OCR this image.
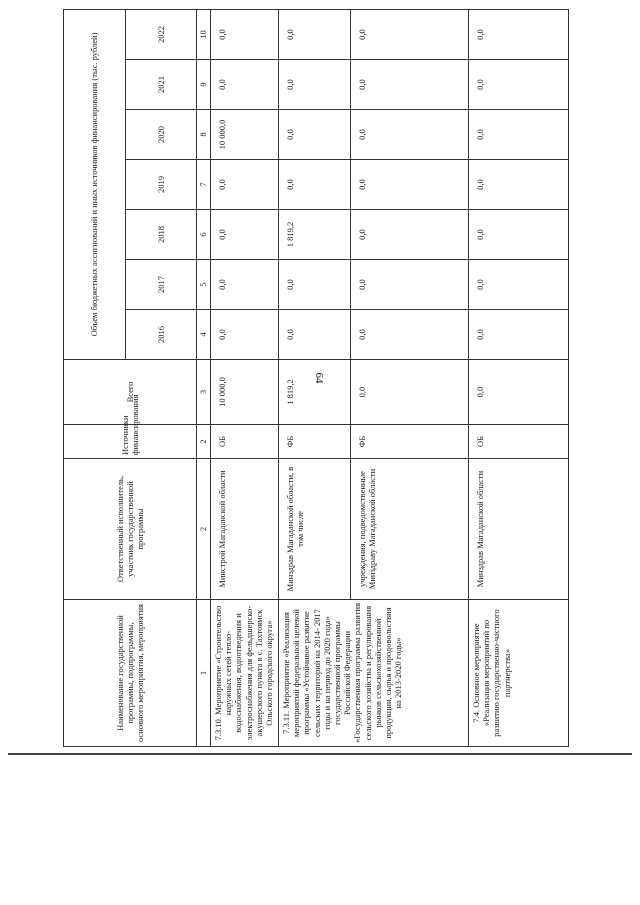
64
Наименование государственной программы, подпрограммы, основного мероприятия, мероприятия	Ответственный исполнитель, участник государственной программы	Источники финансирования	Всего	Объем бюджетных ассигнований и иных источников финансирования (тыс. рублей)						
				2016	2017	2018	2019	2020	2021	2022
1	2	2	3	4	5	6	7	8	9	10
7.3.10. Мероприятие «Строительство наружных сетей тепло-водоснабжения, водоотведения и электроснабжения для фельдшерско-акушерского пункта в с. Тахтоямск Ольского городского округа»	Минстрой Магаданской области	ОБ	10 000,0	0,0	0,0	0,0	0,0	10 000,0	0,0	0,0
7.3.11. Мероприятие «Реализация мероприятий федеральной целевой программы «Устойчивое развитие сельских территорий на 2014- 2017 годы и на период до 2020 года» государственной программы Российской Федерации «Государственная программа развития сельского хозяйства и регулирования рынков сельскохозяйственной продукции, сырья и продовольствия на 2013-2020 годы»	Минздрав Магаданской области, в том числе	ФБ	1 819,2	0,0	0,0	1 819,2	0,0	0,0	0,0	0,0
	учреждения, подведомственные Минздраву Магаданской области	ФБ	0,0	0,0	0,0	0,0	0,0	0,0	0,0	0,0
7.4. Основное мероприятие «Реализация мероприятий по развитию государственно-частного партнерства»	Минздрав Магаданской области	ОБ	0,0	0,0	0,0	0,0	0,0	0,0	0,0	0,0
